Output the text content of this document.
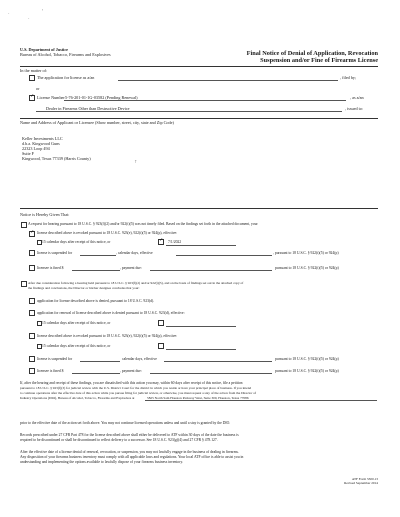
.
·
'
U.S. Department of Justice
Bureau of Alcohol, Tobacco, Firearms and Explosives	Final Notice of Denial of Application, Revocation
Suspension and/or Fine of Firearms License
In the matter of:
The application for license as a/an	, filed by;
or
✓
License Number 5-76-201-01-1G-03582 (Pending Renewal)	, as a/an
Dealer in Firearms Other than Destructive Device	, issued to:
Name and Address of Applicant or Licensee (Show number, street, city, state and Zip Code)
Keller Investments LLC
d.b.a. Kingwood Guns
22323 Loop 494
Suite F
Kingwood, Texas 77339 (Harris County)
↑
Notice is Hereby Given That:
A request for hearing pursuant to 18 U.S.C. § 923(f)(2) and/or 922(t)(5) was not timely filed. Based on the findings set forth in the attached document, your
✓
license described above is revoked pursuant to 18 U.S.C. 923(e), 922(t)(5) or 924(p), effective:
15 calendar days after receipt of this notice, or
✓	7/1/2022
license is suspended for	, calendar days, effective	, pursuant to 18 U.S.C. § 922(t)(5) or 924(p)
licensee is fined $	, payment due:	pursuant to 18 U.S.C. § 922(t)(5) or 924(p)
After due consideration following a hearing held pursuant to 18 U.S.C. § 923(f)(2) and/or 922(t)(5), and on the basis of findings set out in the attached copy of
the findings and conclusions, the Director or his/her designee concludes that your:
application for license described above is denied, pursuant to 18 U.S.C. 923(d).
application for renewal of license described above is denied pursuant to 18 U.S.C. 923(d), effective:
15 calendar days after receipt of this notice, or
license described above is revoked pursuant to 18 U.S.C. 923(e), 922(t)(5) or 924(p), effective:
15 calendar days after receipt of this notice, or
license is suspended for	calendar days, effective	pursuant to 18 U.S.C. § 922(t)(5) or 924(p)
licensee is fined $	, payment due:	pursuant to 18 U.S.C. § 922(t)(5) or 924(p)
If, after the hearing and receipt of these findings, you are dissatisfied with this action you may, within 60 days after receipt of this notice, file a petition
pursuant to 18 U.S.C. § 923(f)(3) for judicial review with the U.S. District Court for the district in which you reside or have your principal place of business. If you intend
to continue operations after the effective date of this action while you pursue filing for judicial review, or otherwise, you must request a stay of the action from the Director of
Industry Operations (DIO), Bureau of Alcohol, Tobacco, Firearms and Explosives at	5825 North Sam Houston Parkway West, Suite 300, Houston, Texas 77086
prior to the effective date of the action set forth above. You may not continue licensed operations unless and until a stay is granted by the DIO.
Records prescribed under 27 CFR Part 478 for the license described above shall either be delivered to ATF within 30 days of the date the business is
required to be discontinued or shall be discontinued to reflect delivery to a successor. See 18 U.S.C. 923(g)(4) and 27 CFR § 478.127.
After the effective date of a license denial of renewal, revocation, or suspension, you may not lawfully engage in the business of dealing in firearms.
Any disposition of your firearms business inventory must comply with all applicable laws and regulations. Your local ATF office is able to assist you in
understanding and implementing the options available to lawfully dispose of your firearms business inventory.
ATF Form 5300.13
Revised September 2014
